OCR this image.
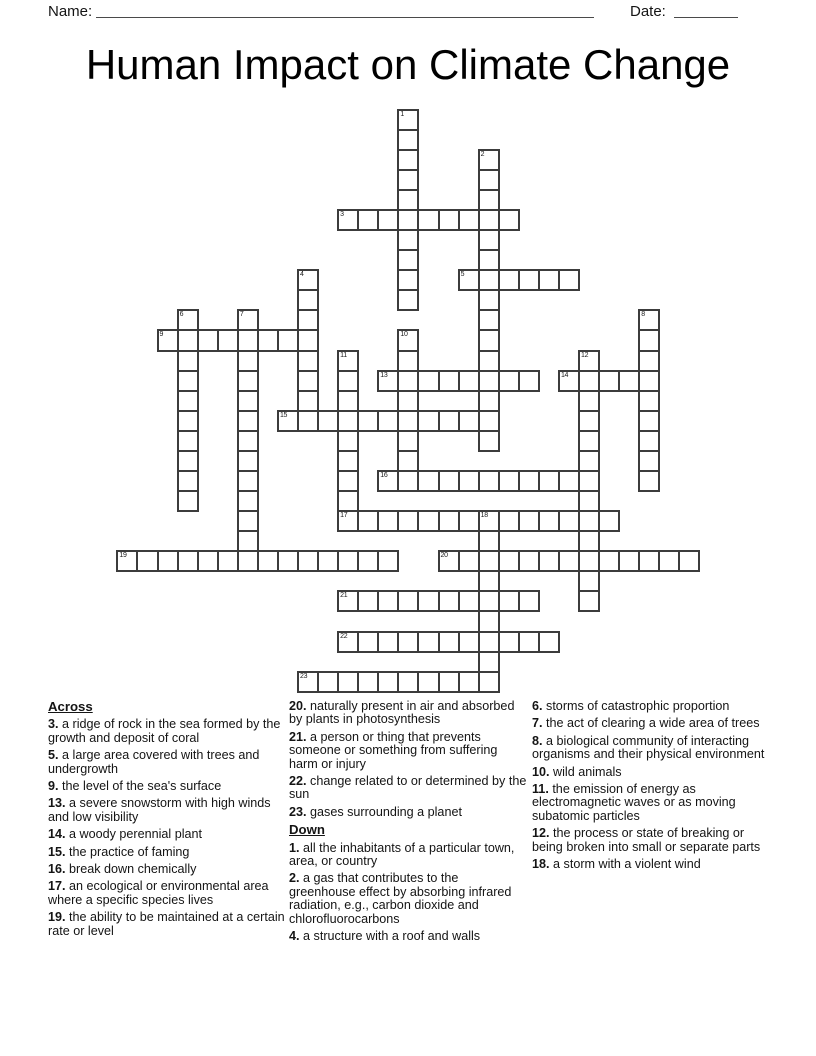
Name:	Date:
Human Impact on Climate Change
1
2
3
4	5
6	7	8
9	10
11
17
12
13	14
15
16
18
19	20
21
22
23
Across
3. a ridge of rock in the sea formed by the growth and deposit of coral
5. a large area covered with trees and undergrowth
9. the level of the sea's surface
13. a severe snowstorm with high winds and low visibility
14. a woody perennial plant
15. the practice of faming
16. break down chemically
17. an ecological or environmental area where a specific species lives
19. the ability to be maintained at a certain rate or level
20. naturally present in air and absorbed by plants in photosynthesis
21. a person or thing that prevents someone or something from suffering harm or injury
22. change related to or determined by the sun
23. gases surrounding a planet
Down
1. all the inhabitants of a particular town, area, or country
2. a gas that contributes to the greenhouse effect by absorbing infrared radiation, e.g., carbon dioxide and chlorofluorocarbons
4. a structure with a roof and walls
6. storms of catastrophic proportion
7. the act of clearing a wide area of trees
8. a biological community of interacting organisms and their physical environment
10. wild animals
11. the emission of energy as electromagnetic waves or as moving subatomic particles
12. the process or state of breaking or being broken into small or separate parts
18. a storm with a violent wind
